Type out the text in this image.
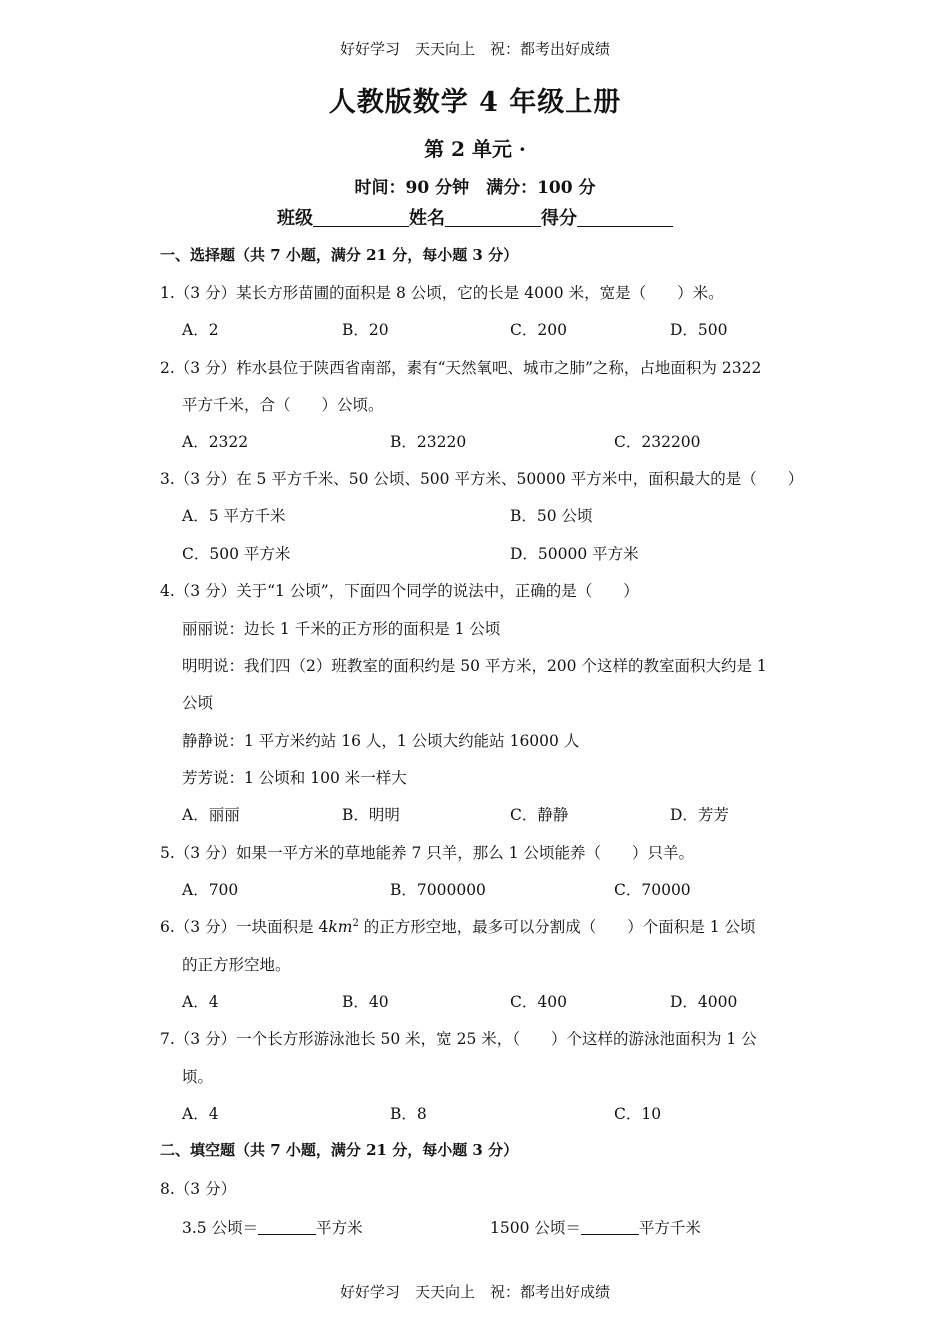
好好学习　天天向上　祝：都考出好成绩
人教版数学 4 年级上册
第 2 单元 ·
时间：90 分钟　满分：100 分
班级	姓名	得分
一、选择题（共 7 小题，满分 21 分，每小题 3 分）
1.（3 分）某长方形苗圃的面积是 8 公顷，它的长是 4000 米，宽是（　　）米。
A．2	B．20	C．200	D．500
2.（3 分）柞水县位于陕西省南部，素有“天然氧吧、城市之肺”之称，占地面积为 2322
平方千米，合（　　）公顷。
A．2322	B．23220	C．232200
3.（3 分）在 5 平方千米、50 公顷、500 平方米、50000 平方米中，面积最大的是（　　）
A．5 平方千米	B．50 公顷
C．500 平方米	D．50000 平方米
4.（3 分）关于“1 公顷”，下面四个同学的说法中，正确的是（　　）
丽丽说：边长 1 千米的正方形的面积是 1 公顷
明明说：我们四（2）班教室的面积约是 50 平方米，200 个这样的教室面积大约是 1
公顷
静静说：1 平方米约站 16 人，1 公顷大约能站 16000 人
芳芳说：1 公顷和 100 米一样大
A．丽丽	B．明明	C．静静	D．芳芳
5.（3 分）如果一平方米的草地能养 7 只羊，那么 1 公顷能养（　　）只羊。
A．700	B．7000000	C．70000
6.（3 分）一块面积是 $4km^2$ 的正方形空地，最多可以分割成（　　）个面积是 1 公顷
的正方形空地。
A．4	B．40	C．400	D．4000
7.（3 分）一个长方形游泳池长 50 米，宽 25 米，（　　）个这样的游泳池面积为 1 公
顷。
A．4	B．8	C．10
二、填空题（共 7 小题，满分 21 分，每小题 3 分）
8.（3 分）
3.5 公顷＝	平方米	1500 公顷＝	平方千米
好好学习　天天向上　祝：都考出好成绩
